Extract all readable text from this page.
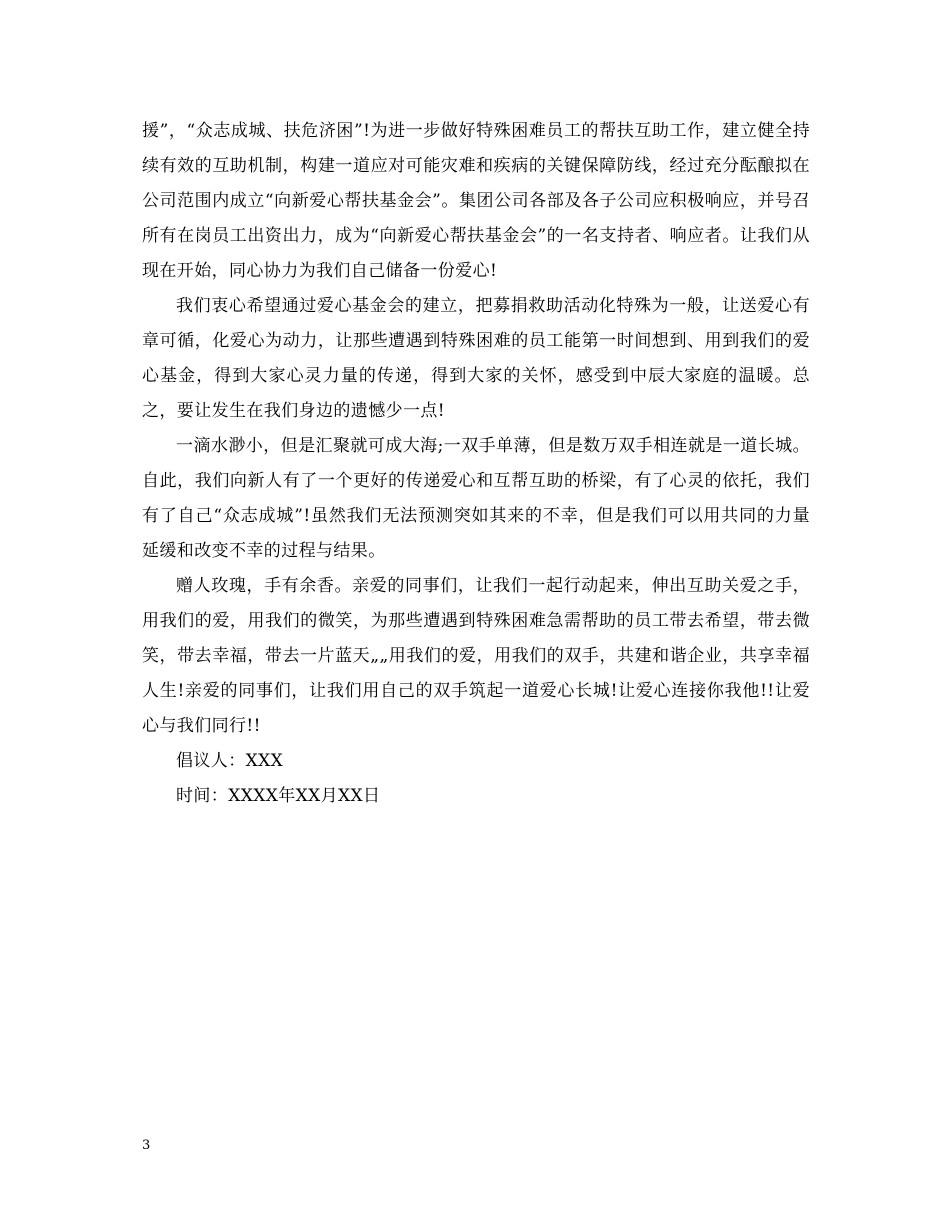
援”，“众志成城、扶危济困”!为进一步做好特殊困难员工的帮扶互助工作，建立健全持续有效的互助机制，构建一道应对可能灾难和疾病的关键保障防线，经过充分酝酿拟在公司范围内成立“向新爱心帮扶基金会”。集团公司各部及各子公司应积极响应，并号召所有在岗员工出资出力，成为“向新爱心帮扶基金会”的一名支持者、响应者。让我们从现在开始，同心协力为我们自己储备一份爱心!

我们衷心希望通过爱心基金会的建立，把募捐救助活动化特殊为一般，让送爱心有章可循，化爱心为动力，让那些遭遇到特殊困难的员工能第一时间想到、用到我们的爱心基金，得到大家心灵力量的传递，得到大家的关怀，感受到中辰大家庭的温暖。总之，要让发生在我们身边的遗憾少一点!

一滴水渺小，但是汇聚就可成大海;一双手单薄，但是数万双手相连就是一道长城。自此，我们向新人有了一个更好的传递爱心和互帮互助的桥梁，有了心灵的依托，我们有了自己“众志成城”!虽然我们无法预测突如其来的不幸，但是我们可以用共同的力量延缓和改变不幸的过程与结果。

赠人玫瑰，手有余香。亲爱的同事们，让我们一起行动起来，伸出互助关爱之手，用我们的爱，用我们的微笑，为那些遭遇到特殊困难急需帮助的员工带去希望，带去微笑，带去幸福，带去一片蓝天„„用我们的爱，用我们的双手，共建和谐企业，共享幸福人生!亲爱的同事们，让我们用自己的双手筑起一道爱心长城!让爱心连接你我他!!让爱心与我们同行!!

倡议人：XXX

时间：XXXX年XX月XX日

3
